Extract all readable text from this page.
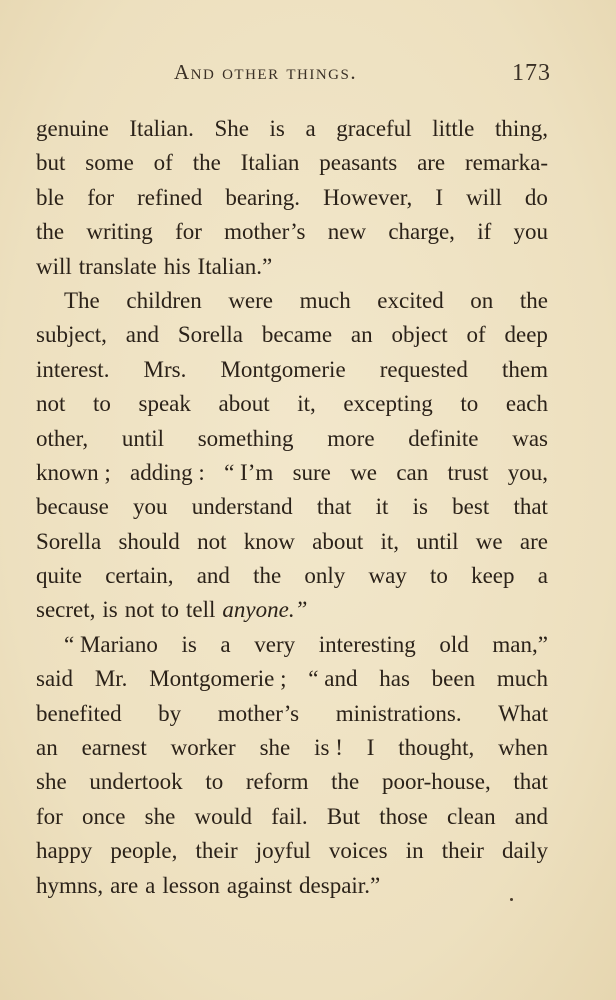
And other things.	173
genuine Italian. She is a graceful little thing,
but some of the Italian peasants are remarka-
ble for refined bearing. However, I will do
the writing for mother’s new charge, if you
will translate his Italian.”
The children were much excited on the
subject, and Sorella became an object of deep
interest. Mrs. Montgomerie requested them
not to speak about it, excepting to each
other, until something more definite was
known ; adding : “ I’m sure we can trust you,
because you understand that it is best that
Sorella should not know about it, until we are
quite certain, and the only way to keep a
secret, is not to tell anyone.”
“ Mariano is a very interesting old man,”
said Mr. Montgomerie ; “ and has been much
benefited by mother’s ministrations. What
an earnest worker she is ! I thought, when
she undertook to reform the poor-house, that
for once she would fail. But those clean and
happy people, their joyful voices in their daily
hymns, are a lesson against despair.”
